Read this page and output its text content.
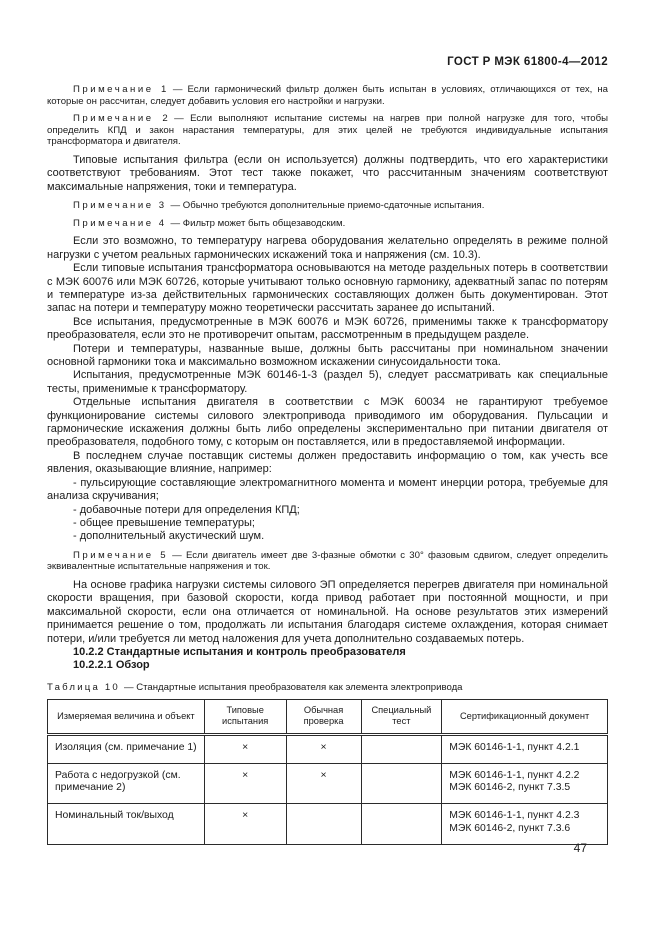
ГОСТ Р МЭК 61800-4—2012

Примечание 1 — Если гармонический фильтр должен быть испытан в условиях, отличающихся от тех, на которые он рассчитан, следует добавить условия его настройки и нагрузки.

Примечание 2 — Если выполняют испытание системы на нагрев при полной нагрузке для того, чтобы определить КПД и закон нарастания температуры, для этих целей не требуются индивидуальные испытания трансформатора и двигателя.

Типовые испытания фильтра (если он используется) должны подтвердить, что его характеристики соответствуют требованиям. Этот тест также покажет, что рассчитанным значениям соответствуют максимальные напряжения, токи и температура.

Примечание 3 — Обычно требуются дополнительные приемо-сдаточные испытания.

Примечание 4 — Фильтр может быть общезаводским.

Если это возможно, то температуру нагрева оборудования желательно определять в режиме полной нагрузки с учетом реальных гармонических искажений тока и напряжения (см. 10.3).

Если типовые испытания трансформатора основываются на методе раздельных потерь в соответствии с МЭК 60076 или МЭК 60726, которые учитывают только основную гармонику, адекватный запас по потерям и температуре из-за действительных гармонических составляющих должен быть документирован. Этот запас на потери и температуру можно теоретически рассчитать заранее до испытаний.

Все испытания, предусмотренные в МЭК 60076 и МЭК 60726, применимы также к трансформатору преобразователя, если это не противоречит опытам, рассмотренным в предыдущем разделе.

Потери и температуры, названные выше, должны быть рассчитаны при номинальном значении основной гармоники тока и максимально возможном искажении синусоидальности тока.

Испытания, предусмотренные МЭК 60146-1-3 (раздел 5), следует рассматривать как специальные тесты, применимые к трансформатору.

Отдельные испытания двигателя в соответствии с МЭК 60034 не гарантируют требуемое функционирование системы силового электропривода приводимого им оборудования. Пульсации и гармонические искажения должны быть либо определены экспериментально при питании двигателя от преобразователя, подобного тому, с которым он поставляется, или в предоставляемой информации.

В последнем случае поставщик системы должен предоставить информацию о том, как учесть все явления, оказывающие влияние, например:

- пульсирующие составляющие электромагнитного момента и момент инерции ротора, требуемые для анализа скручивания;

- добавочные потери для определения КПД;

- общее превышение температуры;

- дополнительный акустический шум.

Примечание 5 — Если двигатель имеет две 3-фазные обмотки с 30° фазовым сдвигом, следует определить эквивалентные испытательные напряжения и ток.

На основе графика нагрузки системы силового ЭП определяется перегрев двигателя при номинальной скорости вращения, при базовой скорости, когда привод работает при постоянной мощности, и при максимальной скорости, если она отличается от номинальной. На основе результатов этих измерений принимается решение о том, продолжать ли испытания благодаря системе охлаждения, которая снимает потери, и/или требуется ли метод наложения для учета дополнительно создаваемых потерь.

10.2.2 Стандартные испытания и контроль преобразователя

10.2.2.1 Обзор

Таблица 10 — Стандартные испытания преобразователя как элемента электропривода

Измеряемая величина и объект	Типовые испытания	Обычная проверка	Специальный тест	Сертификационный документ
Изоляция (см. примечание 1)	×	×		МЭК 60146-1-1, пункт 4.2.1

Работа с недогрузкой (см. примечание 2)	×	×		МЭК 60146-1-1, пункт 4.2.2
МЭК 60146-2, пункт 7.3.5

Номинальный ток/выход	×			МЭК 60146-1-1, пункт 4.2.3
МЭК 60146-2, пункт 7.3.6
47
